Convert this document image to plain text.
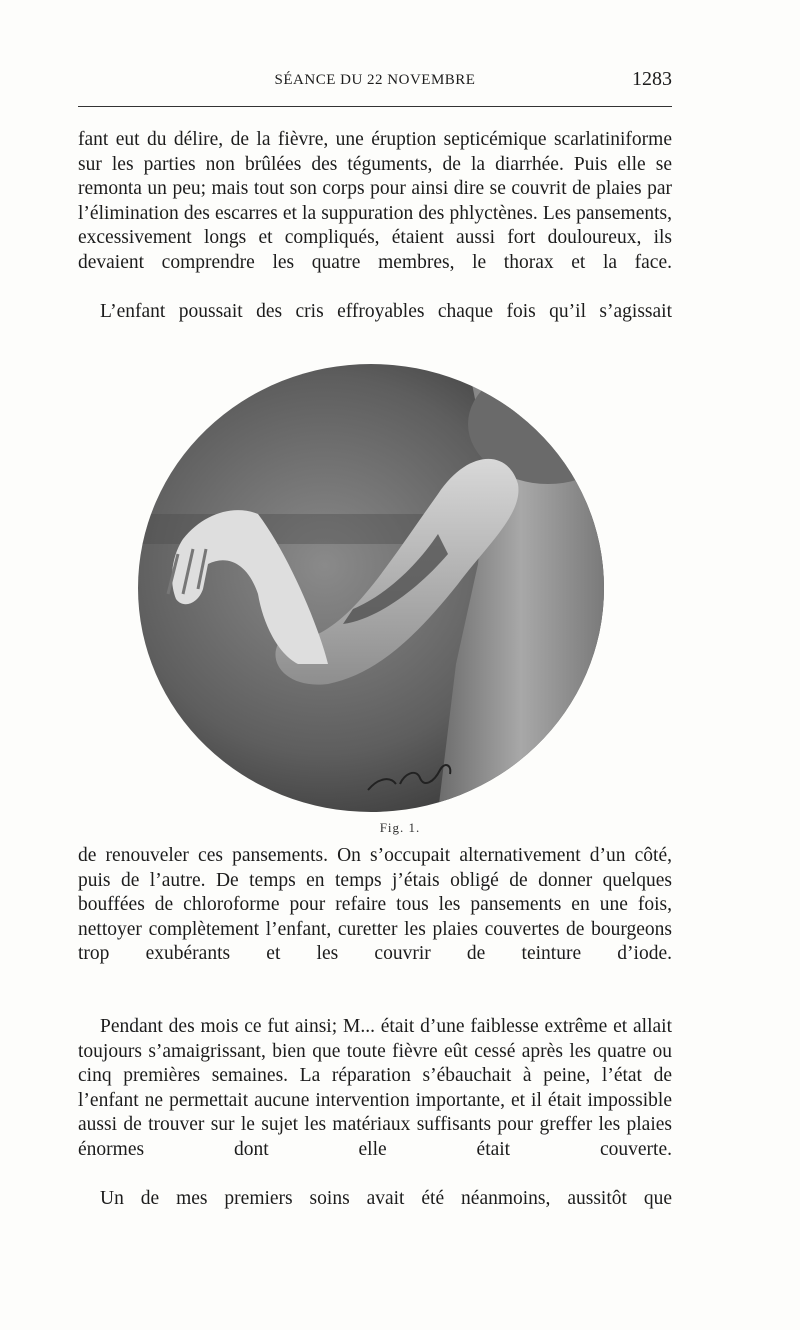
SÉANCE DU 22 NOVEMBRE	1283

fant eut du délire, de la fièvre, une éruption septicémique scarlatiniforme sur les parties non brûlées des téguments, de la diarrhée. Puis elle se remonta un peu; mais tout son corps pour ainsi dire se couvrit de plaies par l’élimination des escarres et la suppuration des phlyctènes. Les pansements, excessivement longs et compliqués, étaient aussi fort douloureux, ils devaient comprendre les quatre membres, le thorax et la face.

L’enfant poussait des cris effroyables chaque fois qu’il s’agissait

Fig. 1.

de renouveler ces pansements. On s’occupait alternativement d’un côté, puis de l’autre. De temps en temps j’étais obligé de donner quelques bouffées de chloroforme pour refaire tous les pansements en une fois, nettoyer complètement l’enfant, curetter les plaies couvertes de bourgeons trop exubérants et les couvrir de teinture d’iode.

Pendant des mois ce fut ainsi; M... était d’une faiblesse extrême et allait toujours s’amaigrissant, bien que toute fièvre eût cessé après les quatre ou cinq premières semaines. La réparation s’ébauchait à peine, l’état de l’enfant ne permettait aucune intervention importante, et il était impossible aussi de trouver sur le sujet les matériaux suffisants pour greffer les plaies énormes dont elle était couverte.

Un de mes premiers soins avait été néanmoins, aussitôt que
